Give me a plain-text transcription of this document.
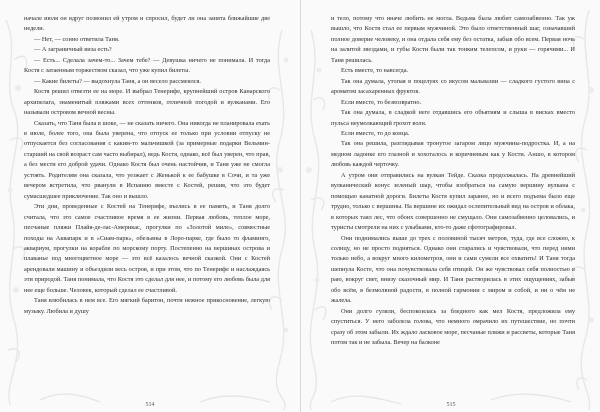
начале июля он вдруг позвонил ей утром и спросил, будет ли она занята ближайшие две недели.

— Нет, — сонно ответила Таня.

— А заграничный виза есть?

— Есть... Сделала зачем-то... Зачем тебе? — Девушка ничего не понимала. И тогда Костя с затаенным торжеством сказал, что уже купил билеты.

— Какие билеты? — выдохнула Таня, а он весело рассмеялся.

Костя решил отвезти ее на море. И выбрал Тенерифе, крупнейший остров Канарского архипелага, знаменитый пляжами всех оттенков, отличной погодой и вулканами. Его называли островом вечной весны.

Сказать, что Таня была в шоке, — не сказать ничего. Она никогда не планировала ехать в июле, более того, она была уверена, что отпуск ее только при условии отпуску не отпускается без согласования с каким-то мальчишкой (за примерные подарки Вельмин-старший на свой возраст сам часто выбирал), ведь Костя, однако, всё был уверен, что прав, а без мести его доброй удачи. Однако Костя был очень настойчив, и Таня уже не смогла устоять. Родителям она сказала, что уезжает с Женькой к ее бабушке в Сочи, и та уже вечером встретила, что рванули в Испанию вместе с Костей, решив, что это будет сумасшедшее приключение. Так оно и вышло.

Эти дни, проведенные с Костей на Тенерифе, въелись в ее память, и Таня долго считала, что это самое счастливое время в ее жизни. Первая любовь, теплое море, песчаные пляжи Плайя-де-лас-Америкас, прогулки по «Золотой миле», совместные походы на Аквапарк и в «Сиам-парк», обезьяны в Лоро-парке, где было то фламинго, аквариум, прогулки на корабле по морскому порту. Постепенно на вершинах острова и плаванье под многоцветное море — это всё казалось вечной сказкой. Они с Костей арендовали машину и объездили весь остров, и при этом, что по Тенерифе и наслаждаясь эти природой. Таня понимала, что Костя это сделал для нее, и потому его любовь была для нее еще больше. Человек, который сделал ее счастливой.

Таня влюбилась в нем все. Его мягкий баритон, почти нежное прикосновение, легкую музыку. Любила и душу

514

и тело, потому что иначе любить не могла. Ведьма была любит самозабвенно. Так уж вышло, что Костя стал ее первым мужчиной. Это было ответственный шаг, означавший полное доверие человеку, и она отдала себя ему без остатка, забыв обо всем. Первая ночь на залитой звездами, и губы Кости были так тонким телепсом, и руки — горячими... И Таня решилась.

Есть вместе, то навсегда.

Так она думала, утопая в поцелуях со вкусом мальвазии — сладкого густого вина с ароматом засахаренных фруктов.

Если вместе, то безвозвратно.

Так она думала, в сладкой неге отдавшись его объятиям и слыша в висках вместо пульса неумолкающий грохот волн.

Если вместе, то до конца.

Так она решила, разглядывая тронутое загаром лицо мужчины-подростка. И, а на медном ладонке его глазной и хохоталось и коричневым как у Кости. Аншо, в котором любовь каждой черточку.

А утром они отправились на вулкан Тейде. Сказка продолжалась. На древнейший вулканический конус зеленый шар, чтобы взобраться на самую вершину вулкана с помощью канатной дороги. Билеты Костя купил заранее, но и всего подъема было еще трудно, только с вершины. На вершине их ожидал ослепительный вид на остров и облака, в которых таял лес, что обоих совершенно не смущало. Они самозабвенно целовались, и туристы смотрели на них с улыбками, кто-то даже сфотографировал.

Они поднимались выше до трех с половиной тысяч метров, туда, где все сложно, к солнцу, но не просто подняться. Однако они старались и чувствовали, что перед ними только небо, а вокруг много километров, они и сами сумели все охватить! И Таня тогда шепнула Косте, что она почувствовала себя птицей. Он же чувствовал себя полностью в раю, вокруг свет, внизу сказочный мир. И Таня растворилась в этих ощущениях, забыв обо всём, в безмолвной радости, в полной гармонии с миром и собой, и ни о чём не жалела.

Они долго гуляли, беспокоилась за бледного как мел Костя, предложила ему спуститься. У него заболела голова, что немного омрачило их путешествие, но почти сразу об этом забыли. Их ждало ласковое море, песчаные пляжи и рассветы, которые Таня потом так и не забыла. Вечер на балконе

515
